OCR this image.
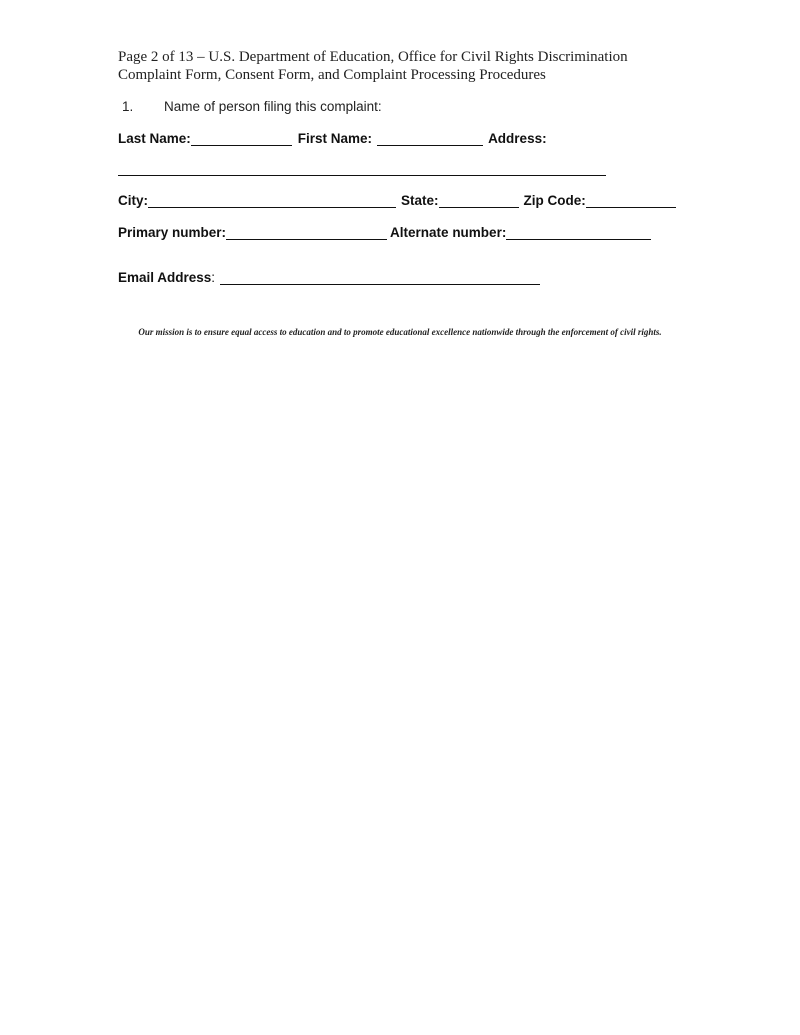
Page 2 of 13 – U.S. Department of Education, Office for Civil Rights Discrimination
Complaint Form, Consent Form, and Complaint Processing Procedures
1. Name of person filing this complaint:
Last Name:	First Name:	Address:
City:	State:	Zip Code:
Primary number:	Alternate number:
Email Address :
Our mission is to ensure equal access to education and to promote educational excellence nationwide through the enforcement of civil rights.
